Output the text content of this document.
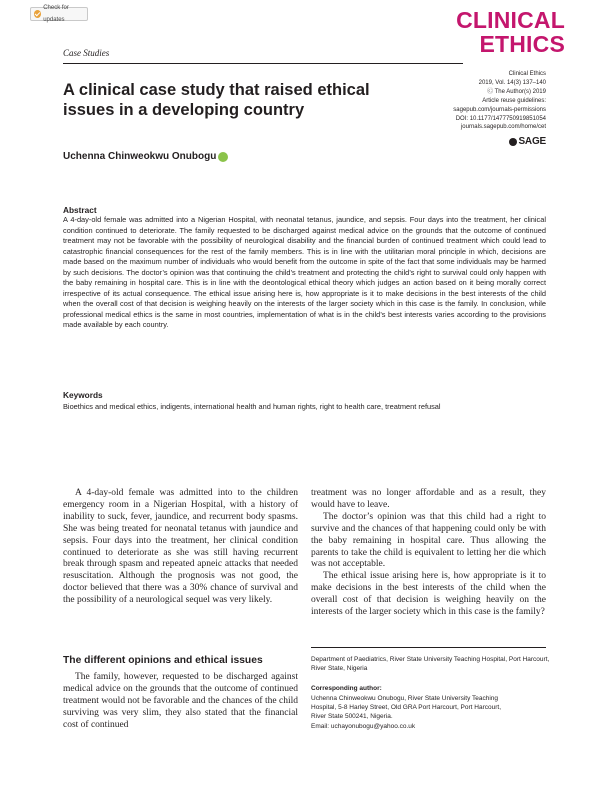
Check for updates	CLINICAL
ETHICS
Case Studies
Clinical Ethics
2019, Vol. 14(3) 137–140
Ⓒ The Author(s) 2019
Article reuse guidelines:
sagepub.com/journals-permissions
DOI: 10.1177/1477750919851054
journals.sagepub.com/home/cet
SAGE
A clinical case study that raised ethical issues in a developing country
Uchenna Chinweokwu Onubogu
Abstract
A 4-day-old female was admitted into a Nigerian Hospital, with neonatal tetanus, jaundice, and sepsis. Four days into the treatment, her clinical condition continued to deteriorate. The family requested to be discharged against medical advice on the grounds that the outcome of continued treatment may not be favorable with the possibility of neurological disability and the financial burden of continued treatment which could lead to catastrophic financial consequences for the rest of the family members. This is in line with the utilitarian moral principle in which, decisions are made based on the maximum number of individuals who would benefit from the outcome in spite of the fact that some individuals may be harmed by such decisions. The doctor’s opinion was that continuing the child’s treatment and protecting the child’s right to survival could only happen with the baby remaining in hospital care. This is in line with the deontological ethical theory which judges an action based on it being morally correct irrespective of its actual consequence. The ethical issue arising here is, how appropriate is it to make decisions in the best interests of the child when the overall cost of that decision is weighing heavily on the interests of the larger society which in this case is the family. In conclusion, while professional medical ethics is the same in most countries, implementation of what is in the child’s best interests varies according to the provisions made available by each country.
Keywords
Bioethics and medical ethics, indigents, international health and human rights, right to health care, treatment refusal

A 4-day-old female was admitted into to the children emergency room in a Nigerian Hospital, with a history of inability to suck, fever, jaundice, and recurrent body spasms. She was being treated for neonatal tetanus with jaundice and sepsis. Four days into the treatment, her clinical condition continued to deteriorate as she was still having recurrent break through spasm and repeated apneic attacks that needed resuscitation. Although the prognosis was not good, the doctor believed that there was a 30% chance of survival and the possibility of a neurological sequel was very likely.

The different opinions and ethical issues

The family, however, requested to be discharged against medical advice on the grounds that the outcome of continued treatment would not be favorable and the chances of the child surviving was very slim, they also stated that the financial cost of continued

treatment was no longer affordable and as a result, they would have to leave.

The doctor’s opinion was that this child had a right to survive and the chances of that happening could only be with the baby remaining in hospital care. Thus allowing the parents to take the child is equivalent to letting her die which was not acceptable.

The ethical issue arising here is, how appropriate is it to make decisions in the best interests of the child when the overall cost of that decision is weighing heavily on the interests of the larger society which in this case is the family?

Department of Paediatrics, River State University Teaching Hospital, Port Harcourt, River State, Nigeria
Corresponding author:
Uchenna Chinweokwu Onubogu, River State University Teaching
Hospital, 5-8 Harley Street, Old GRA Port Harcourt, Port Harcourt,
River State 500241, Nigeria.
Email: uchayonubogu@yahoo.co.uk
